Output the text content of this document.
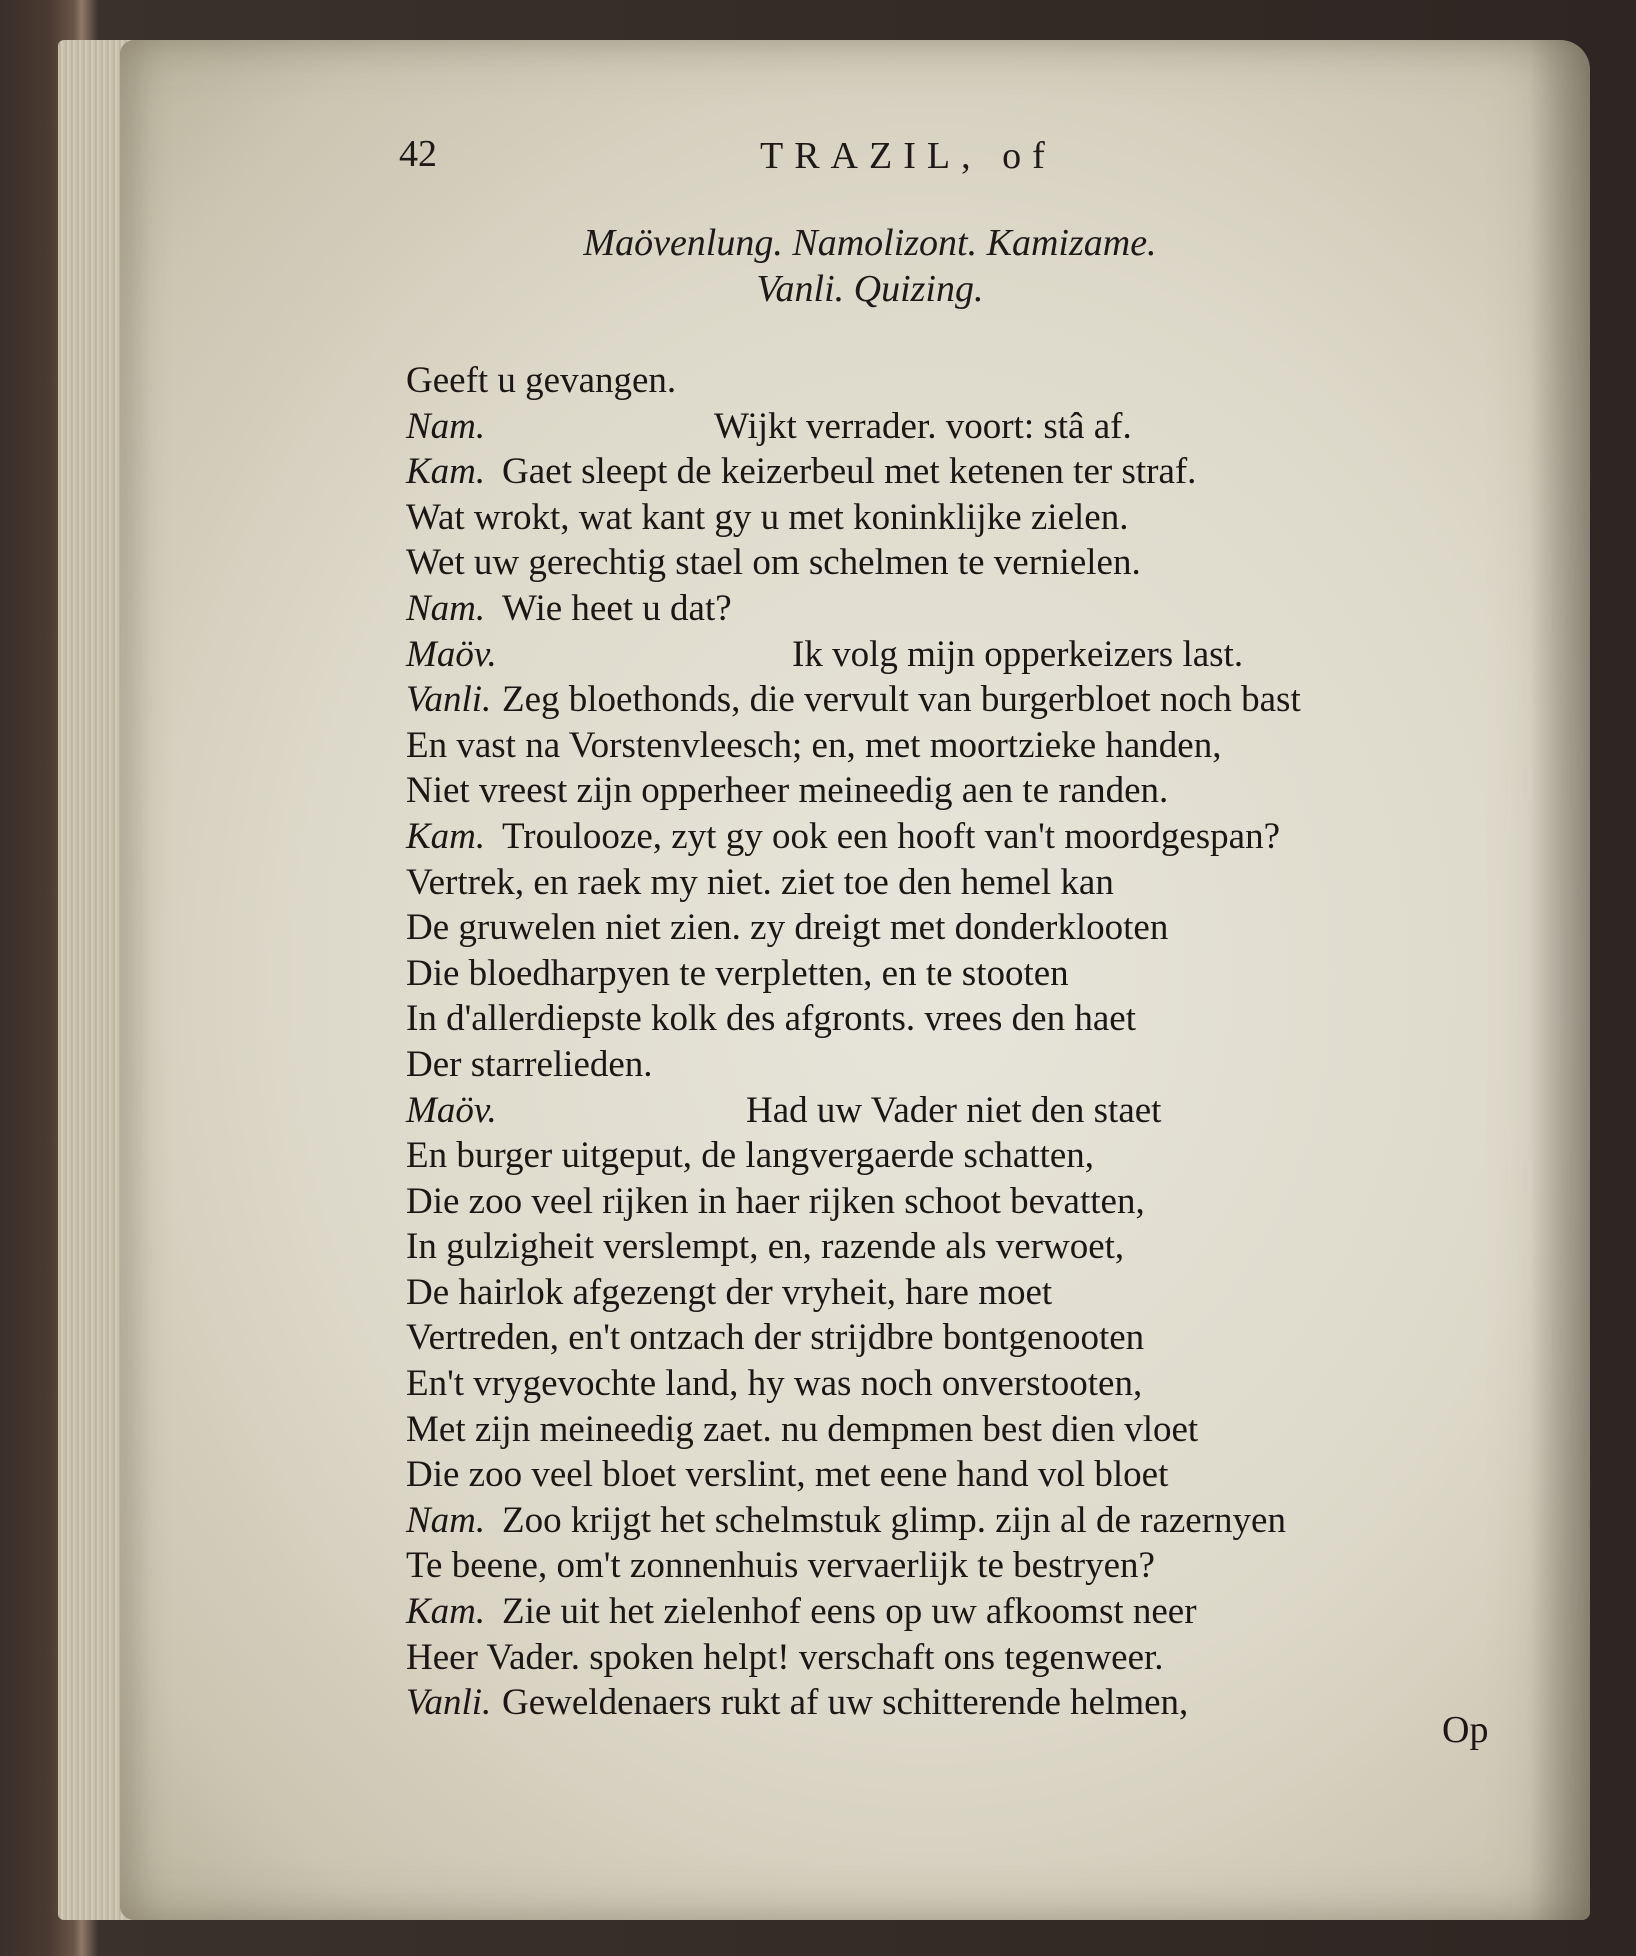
42	TRAZIL, of
Maövenlung. Namolizont. Kamizame.
Vanli. Quizing.
Geeft u gevangen.
Nam.	Wijkt verrader. voort: stâ af.
Kam. Gaet sleept de keizerbeul met ketenen ter straf.
Wat wrokt, wat kant gy u met koninklijke zielen.
Wet uw gerechtig stael om schelmen te vernielen.
Nam. Wie heet u dat?
Maöv.	Ik volg mijn opperkeizers last.
Vanli. Zeg bloethonds, die vervult van burgerbloet noch bast
En vast na Vorstenvleesch; en, met moortzieke handen,
Niet vreest zijn opperheer meineedig aen te randen.
Kam. Troulooze, zyt gy ook een hooft van't moordgespan?
Vertrek, en raek my niet. ziet toe den hemel kan
De gruwelen niet zien. zy dreigt met donderklooten
Die bloedharpyen te verpletten, en te stooten
In d'allerdiepste kolk des afgronts. vrees den haet
Der starrelieden.
Maöv.	Had uw Vader niet den staet
En burger uitgeput, de langvergaerde schatten,
Die zoo veel rijken in haer rijken schoot bevatten,
In gulzigheit verslempt, en, razende als verwoet,
De hairlok afgezengt der vryheit, hare moet
Vertreden, en't ontzach der strijdbre bontgenooten
En't vrygevochte land, hy was noch onverstooten,
Met zijn meineedig zaet. nu dempmen best dien vloet
Die zoo veel bloet verslint, met eene hand vol bloet
Nam. Zoo krijgt het schelmstuk glimp. zijn al de razernyen
Te beene, om't zonnenhuis vervaerlijk te bestryen?
Kam. Zie uit het zielenhof eens op uw afkoomst neer
Heer Vader. spoken helpt! verschaft ons tegenweer.
Vanli. Geweldenaers rukt af uw schitterende helmen,
Op
